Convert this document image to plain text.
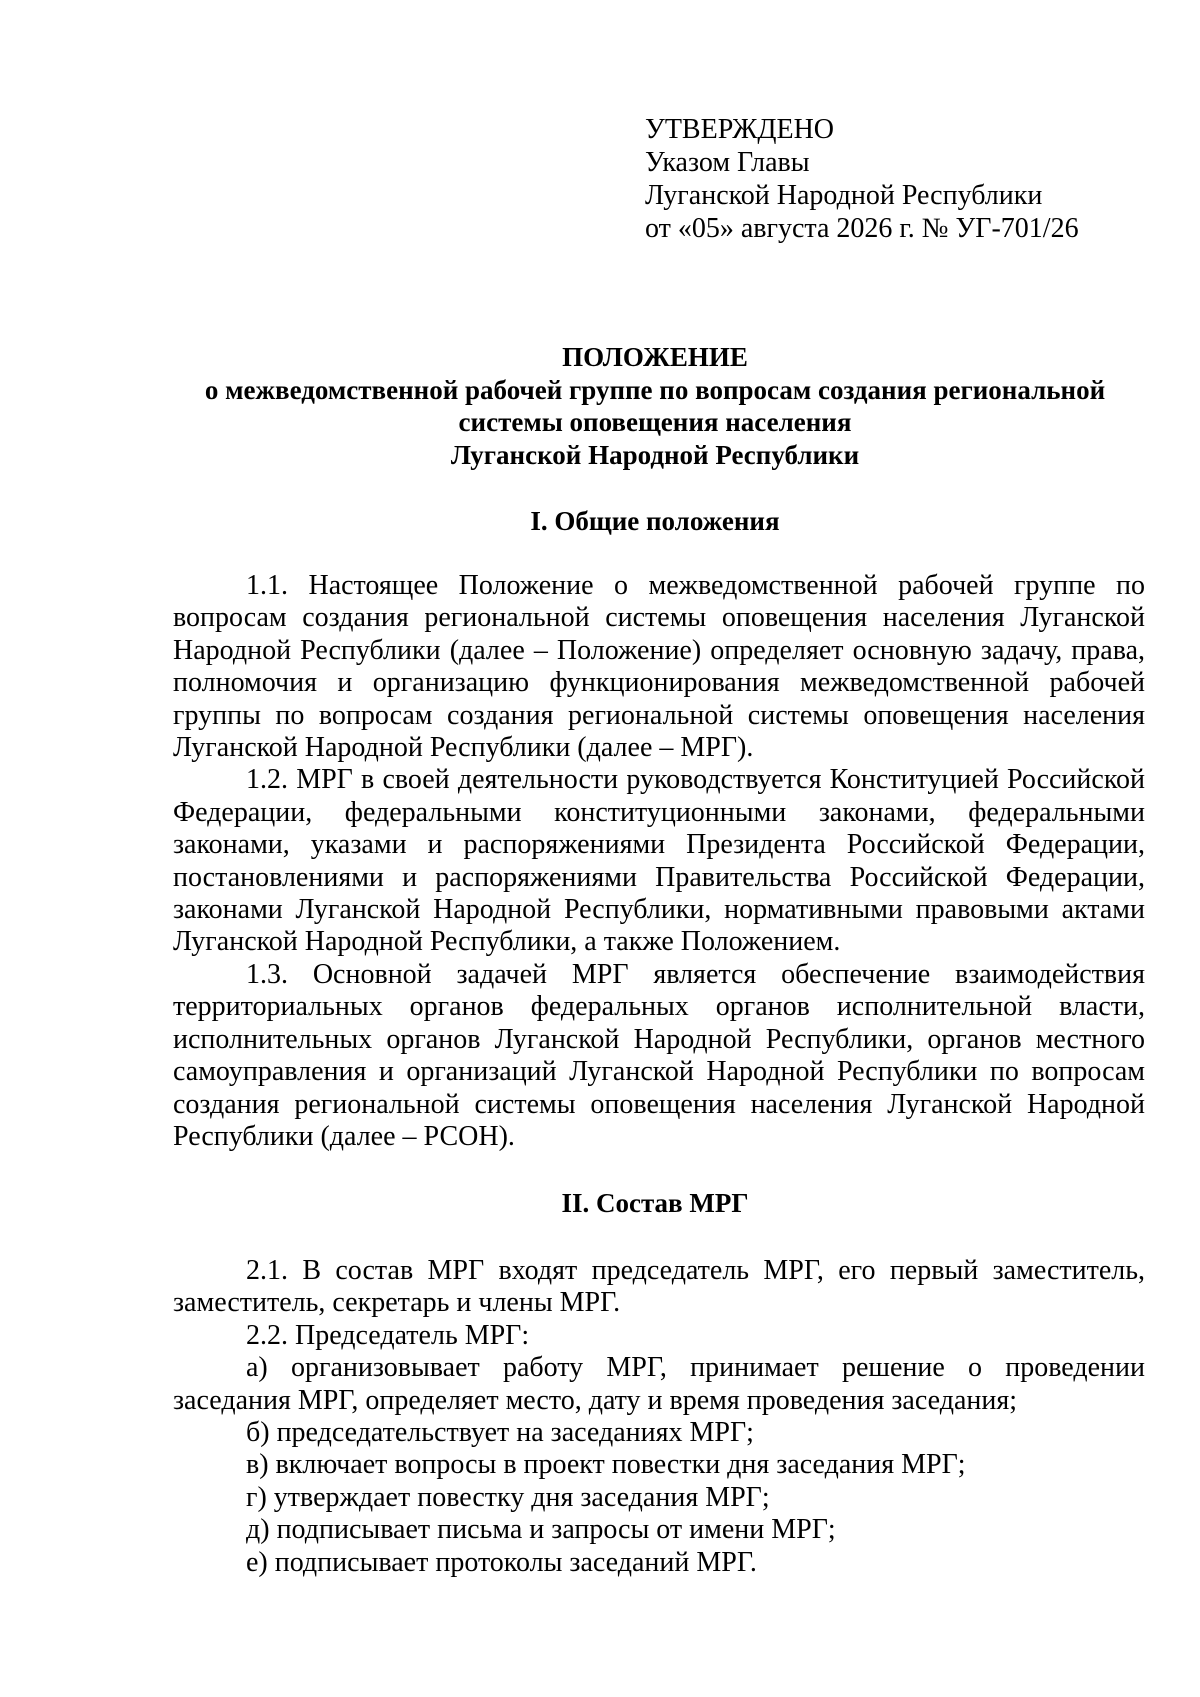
УТВЕРЖДЕНО
Указом Главы
Луганской Народной Республики
от «05» августа 2026 г. № УГ-701/26
ПОЛОЖЕНИЕ
о межведомственной рабочей группе по вопросам создания региональной
системы оповещения населения
Луганской Народной Республики
I. Общие положения

1.1. Настоящее Положение о межведомственной рабочей группе по вопросам создания региональной системы оповещения населения Луганской Народной Республики (далее – Положение) определяет основную задачу, права, полномочия и организацию функционирования межведомственной рабочей группы по вопросам создания региональной системы оповещения населения Луганской Народной Республики (далее – МРГ).

1.2. МРГ в своей деятельности руководствуется Конституцией Российской Федерации, федеральными конституционными законами, федеральными законами, указами и распоряжениями Президента Российской Федерации, постановлениями и распоряжениями Правительства Российской Федерации, законами Луганской Народной Республики, нормативными правовыми актами Луганской Народной Республики, а также Положением.

1.3. Основной задачей МРГ является обеспечение взаимодействия территориальных органов федеральных органов исполнительной власти, исполнительных органов Луганской Народной Республики, органов местного самоуправления и организаций Луганской Народной Республики по вопросам создания региональной системы оповещения населения Луганской Народной Республики (далее – РСОН).

II. Состав МРГ

2.1. В состав МРГ входят председатель МРГ, его первый заместитель, заместитель, секретарь и члены МРГ.

2.2. Председатель МРГ:

а) организовывает работу МРГ, принимает решение о проведении заседания МРГ, определяет место, дату и время проведения заседания;

б) председательствует на заседаниях МРГ;

в) включает вопросы в проект повестки дня заседания МРГ;

г) утверждает повестку дня заседания МРГ;

д) подписывает письма и запросы от имени МРГ;

е) подписывает протоколы заседаний МРГ.
